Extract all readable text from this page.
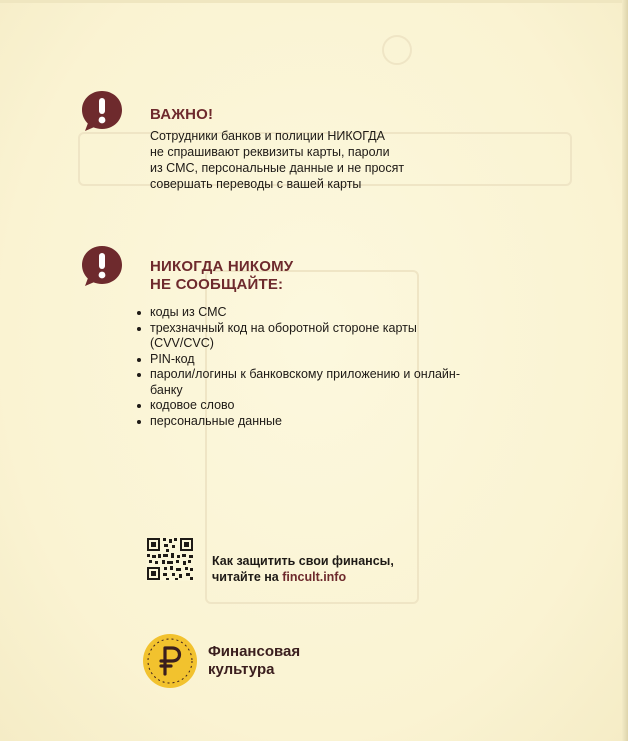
ВАЖНО!
Сотрудники банков и полиции НИКОГДА
не спрашивают реквизиты карты, пароли
из СМС, персональные данные и не просят
совершать переводы с вашей карты
НИКОГДА НИКОМУ
НЕ СООБЩАЙТЕ:
коды из СМС
трехзначный код на оборотной стороне карты (CVV/CVC)
PIN-код
пароли/логины к банковскому приложению и онлайн-банку
кодовое слово
персональные данные
Как защитить свои финансы,
читайте на fincult.info
Финансовая
культура
